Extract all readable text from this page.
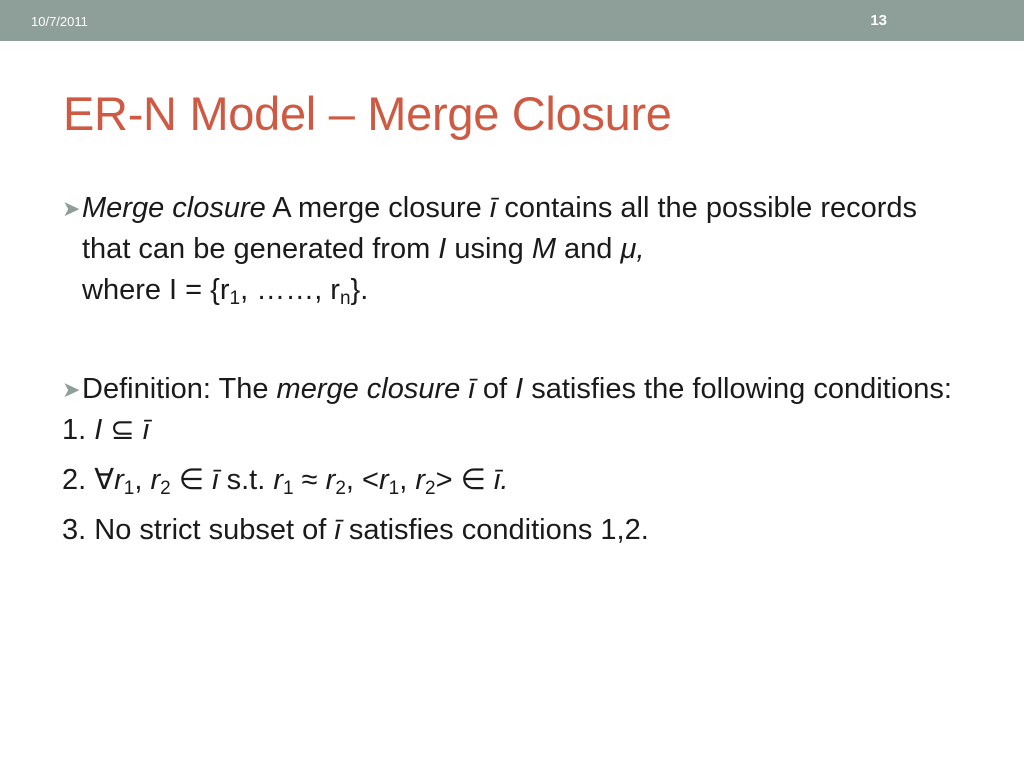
10/7/2011	13
ER-N Model – Merge Closure
➤ Merge closure A merge closure ī contains all the possible records that can be generated from I using M and μ,
where $I = \{r_1$, ……, $r_n$}.
➤ Definition: The merge closure ī of I satisfies the following conditions:
1. I ⊆ ī
2. $\forall r_1$, $r_2$ ∈ ī s.t. $r_1 \approx r_2$, $<r_1$, $r_2>$ ∈ ī.
3. No strict subset of ī satisfies conditions 1,2.
